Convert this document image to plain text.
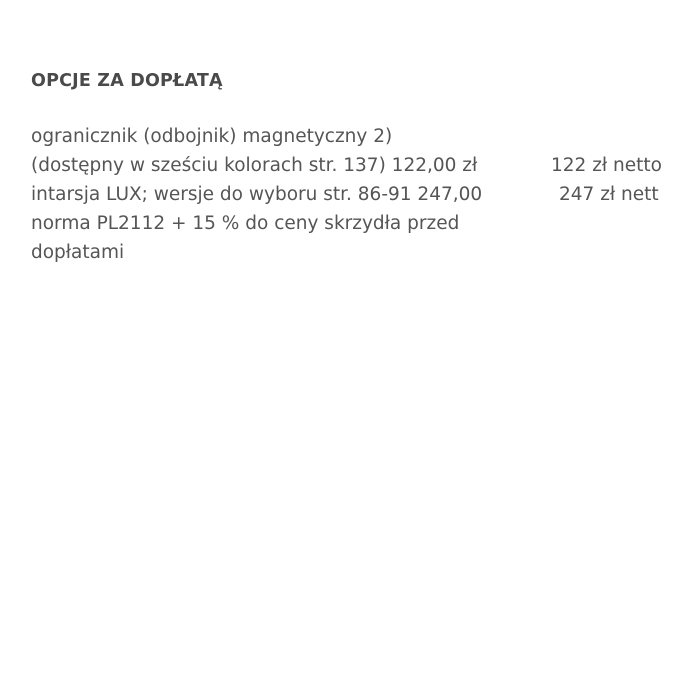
OPCJE ZA DOPŁATĄ
ogranicznik (odbojnik) magnetyczny 2)
(dostępny w sześciu kolorach str. 137) 122,00 zł	122 zł netto
intarsja LUX; wersje do wyboru str. 86-91 247,00	247 zł nett
norma PL2112 + 15 % do ceny skrzydła przed
dopłatami
